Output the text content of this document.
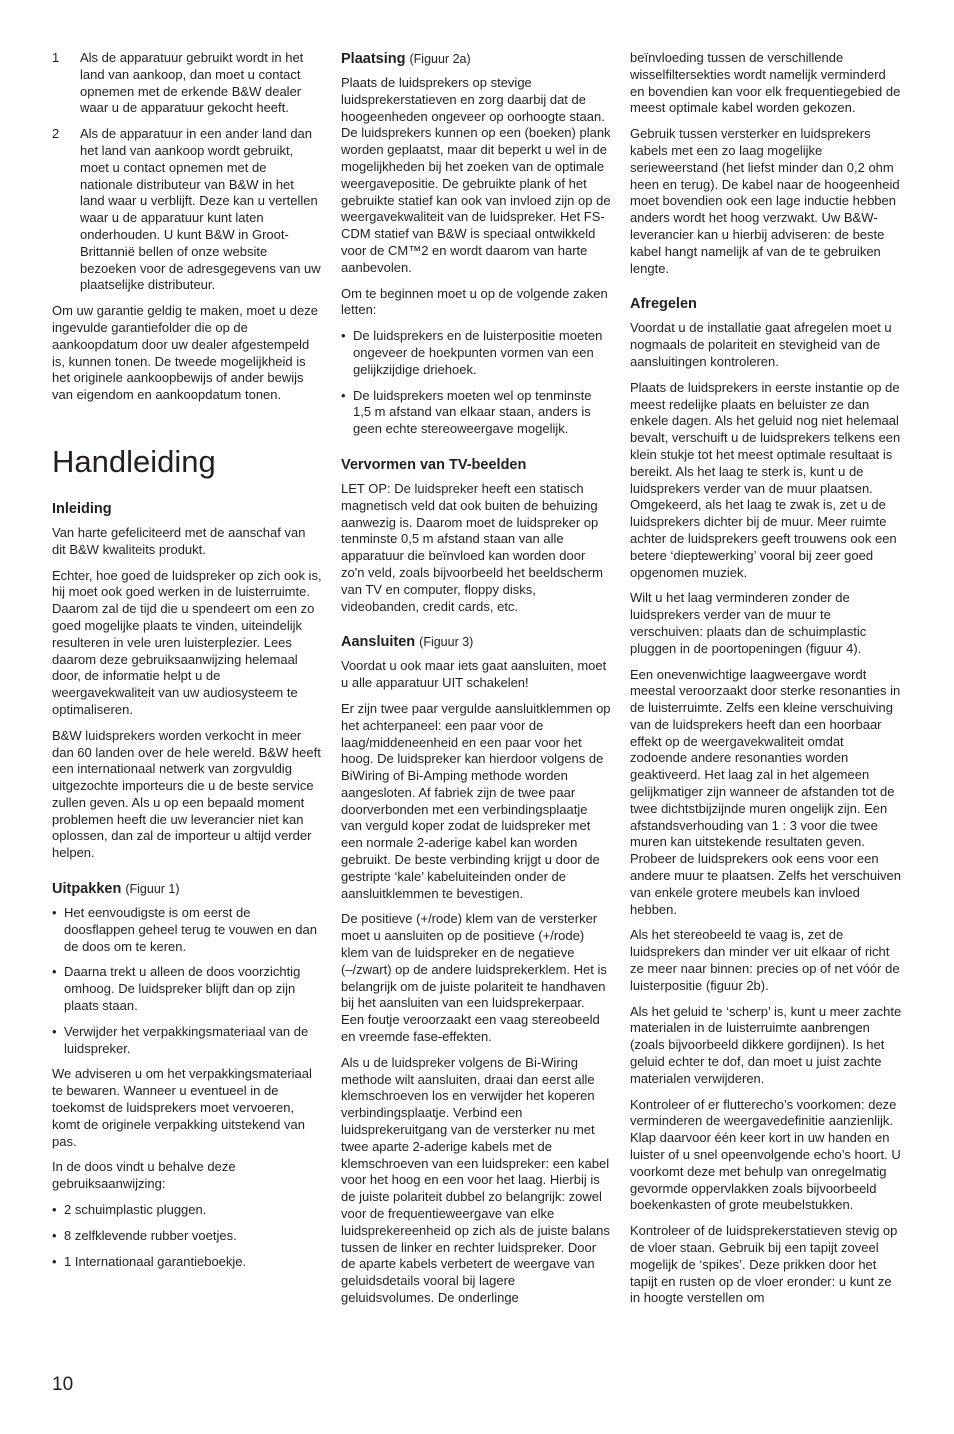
1 Als de apparatuur gebruikt wordt in het land van aankoop, dan moet u contact opnemen met de erkende B&W dealer waar u de apparatuur gekocht heeft.
2 Als de apparatuur in een ander land dan het land van aankoop wordt gebruikt, moet u contact opnemen met de nationale distributeur van B&W in het land waar u verblijft. Deze kan u vertellen waar u de apparatuur kunt laten onderhouden. U kunt B&W in Groot-Brittannië bellen of onze website bezoeken voor de adresgegevens van uw plaatselijke distributeur.

Om uw garantie geldig te maken, moet u deze ingevulde garantiefolder die op de aankoopdatum door uw dealer afgestempeld is, kunnen tonen. De tweede mogelijkheid is het originele aankoopbewijs of ander bewijs van eigendom en aankoopdatum tonen.

Handleiding
Inleiding

Van harte gefeliciteerd met de aanschaf van dit B&W kwaliteits produkt.

Echter, hoe goed de luidspreker op zich ook is, hij moet ook goed werken in de luisterruimte. Daarom zal de tijd die u spendeert om een zo goed mogelijke plaats te vinden, uiteindelijk resulteren in vele uren luisterplezier. Lees daarom deze gebruiksaanwijzing helemaal door, de informatie helpt u de weergavekwaliteit van uw audiosysteem te optimaliseren.

B&W luidsprekers worden verkocht in meer dan 60 landen over de hele wereld. B&W heeft een internationaal netwerk van zorgvuldig uitgezochte importeurs die u de beste service zullen geven. Als u op een bepaald moment problemen heeft die uw leverancier niet kan oplossen, dan zal de importeur u altijd verder helpen.

Uitpakken (Figuur 1)
• Het eenvoudigste is om eerst de doosflappen geheel terug te vouwen en dan de doos om te keren.
• Daarna trekt u alleen de doos voorzichtig omhoog. De luidspreker blijft dan op zijn plaats staan.
• Verwijder het verpakkingsmateriaal van de luidspreker.

We adviseren u om het verpakkingsmateriaal te bewaren. Wanneer u eventueel in de toekomst de luidsprekers moet vervoeren, komt de originele verpakking uitstekend van pas.

In de doos vindt u behalve deze gebruiksaanwijzing:

• 2 schuimplastic pluggen.
• 8 zelfklevende rubber voetjes.
• 1 Internationaal garantieboekje.
Plaatsing (Figuur 2a)

Plaats de luidsprekers op stevige luidsprekerstatieven en zorg daarbij dat de hoogeenheden ongeveer op oorhoogte staan. De luidsprekers kunnen op een (boeken) plank worden geplaatst, maar dit beperkt u wel in de mogelijkheden bij het zoeken van de optimale weergavepositie. De gebruikte plank of het gebruikte statief kan ook van invloed zijn op de weergavekwaliteit van de luidspreker. Het FS-CDM statief van B&W is speciaal ontwikkeld voor de CM™2 en wordt daarom van harte aanbevolen.

Om te beginnen moet u op de volgende zaken letten:

• De luidsprekers en de luisterpositie moeten ongeveer de hoekpunten vormen van een gelijkzijdige driehoek.
• De luidsprekers moeten wel op tenminste 1,5 m afstand van elkaar staan, anders is geen echte stereoweergave mogelijk.
Vervormen van TV-beelden

LET OP: De luidspreker heeft een statisch magnetisch veld dat ook buiten de behuizing aanwezig is. Daarom moet de luidspreker op tenminste 0,5 m afstand staan van alle apparatuur die beïnvloed kan worden door zo'n veld, zoals bijvoorbeeld het beeldscherm van TV en computer, floppy disks, videobanden, credit cards, etc.

Aansluiten (Figuur 3)

Voordat u ook maar iets gaat aansluiten, moet u alle apparatuur UIT schakelen!

Er zijn twee paar vergulde aansluitklemmen op het achterpaneel: een paar voor de laag/middeneenheid en een paar voor het hoog. De luidspreker kan hierdoor volgens de BiWiring of Bi-Amping methode worden aangesloten. Af fabriek zijn de twee paar doorverbonden met een verbindingsplaatje van verguld koper zodat de luidspreker met een normale 2-aderige kabel kan worden gebruikt. De beste verbinding krijgt u door de gestripte ‘kale’ kabeluiteinden onder de aansluitklemmen te bevestigen.

De positieve (+/rode) klem van de versterker moet u aansluiten op de positieve (+/rode) klem van de luidspreker en de negatieve (–/zwart) op de andere luidsprekerklem. Het is belangrijk om de juiste polariteit te handhaven bij het aansluiten van een luidsprekerpaar. Een foutje veroorzaakt een vaag stereobeeld en vreemde fase-effekten.

Als u de luidspreker volgens de Bi-Wiring methode wilt aansluiten, draai dan eerst alle klemschroeven los en verwijder het koperen verbindingsplaatje. Verbind een luidsprekeruitgang van de versterker nu met twee aparte 2-aderige kabels met de klemschroeven van een luidspreker: een kabel voor het hoog en een voor het laag. Hierbij is de juiste polariteit dubbel zo belangrijk: zowel voor de frequentieweergave van elke luidsprekereenheid op zich als de juiste balans tussen de linker en rechter luidspreker. Door de aparte kabels verbetert de weergave van geluidsdetails vooral bij lagere geluidsvolumes. De onderlinge

beïnvloeding tussen de verschillende wisselfiltersekties wordt namelijk verminderd en bovendien kan voor elk frequentiegebied de meest optimale kabel worden gekozen.

Gebruik tussen versterker en luidsprekers kabels met een zo laag mogelijke serieweerstand (het liefst minder dan 0,2 ohm heen en terug). De kabel naar de hoogeenheid moet bovendien ook een lage inductie hebben anders wordt het hoog verzwakt. Uw B&W-leverancier kan u hierbij adviseren: de beste kabel hangt namelijk af van de te gebruiken lengte.

Afregelen

Voordat u de installatie gaat afregelen moet u nogmaals de polariteit en stevigheid van de aansluitingen kontroleren.

Plaats de luidsprekers in eerste instantie op de meest redelijke plaats en beluister ze dan enkele dagen. Als het geluid nog niet helemaal bevalt, verschuift u de luidsprekers telkens een klein stukje tot het meest optimale resultaat is bereikt. Als het laag te sterk is, kunt u de luidsprekers verder van de muur plaatsen. Omgekeerd, als het laag te zwak is, zet u de luidsprekers dichter bij de muur. Meer ruimte achter de luidsprekers geeft trouwens ook een betere ‘dieptewerking’ vooral bij zeer goed opgenomen muziek.

Wilt u het laag verminderen zonder de luidsprekers verder van de muur te verschuiven: plaats dan de schuimplastic pluggen in de poortopeningen (figuur 4).

Een onevenwichtige laagweergave wordt meestal veroorzaakt door sterke resonanties in de luisterruimte. Zelfs een kleine verschuiving van de luidsprekers heeft dan een hoorbaar effekt op de weergavekwaliteit omdat zodoende andere resonanties worden geaktiveerd. Het laag zal in het algemeen gelijkmatiger zijn wanneer de afstanden tot de twee dichtstbijzijnde muren ongelijk zijn. Een afstandsverhouding van 1 : 3 voor die twee muren kan uitstekende resultaten geven. Probeer de luidsprekers ook eens voor een andere muur te plaatsen. Zelfs het verschuiven van enkele grotere meubels kan invloed hebben.

Als het stereobeeld te vaag is, zet de luidsprekers dan minder ver uit elkaar of richt ze meer naar binnen: precies op of net vóór de luisterpositie (figuur 2b).

Als het geluid te ‘scherp’ is, kunt u meer zachte materialen in de luisterruimte aanbrengen (zoals bijvoorbeeld dikkere gordijnen). Is het geluid echter te dof, dan moet u juist zachte materialen verwijderen.

Kontroleer of er flutterecho’s voorkomen: deze verminderen de weergavedefinitie aanzienlijk. Klap daarvoor één keer kort in uw handen en luister of u snel opeenvolgende echo’s hoort. U voorkomt deze met behulp van onregelmatig gevormde oppervlakken zoals bijvoorbeeld boekenkasten of grote meubelstukken.

Kontroleer of de luidsprekerstatieven stevig op de vloer staan. Gebruik bij een tapijt zoveel mogelijk de ‘spikes’. Deze prikken door het tapijt en rusten op de vloer eronder: u kunt ze in hoogte verstellen om

10
